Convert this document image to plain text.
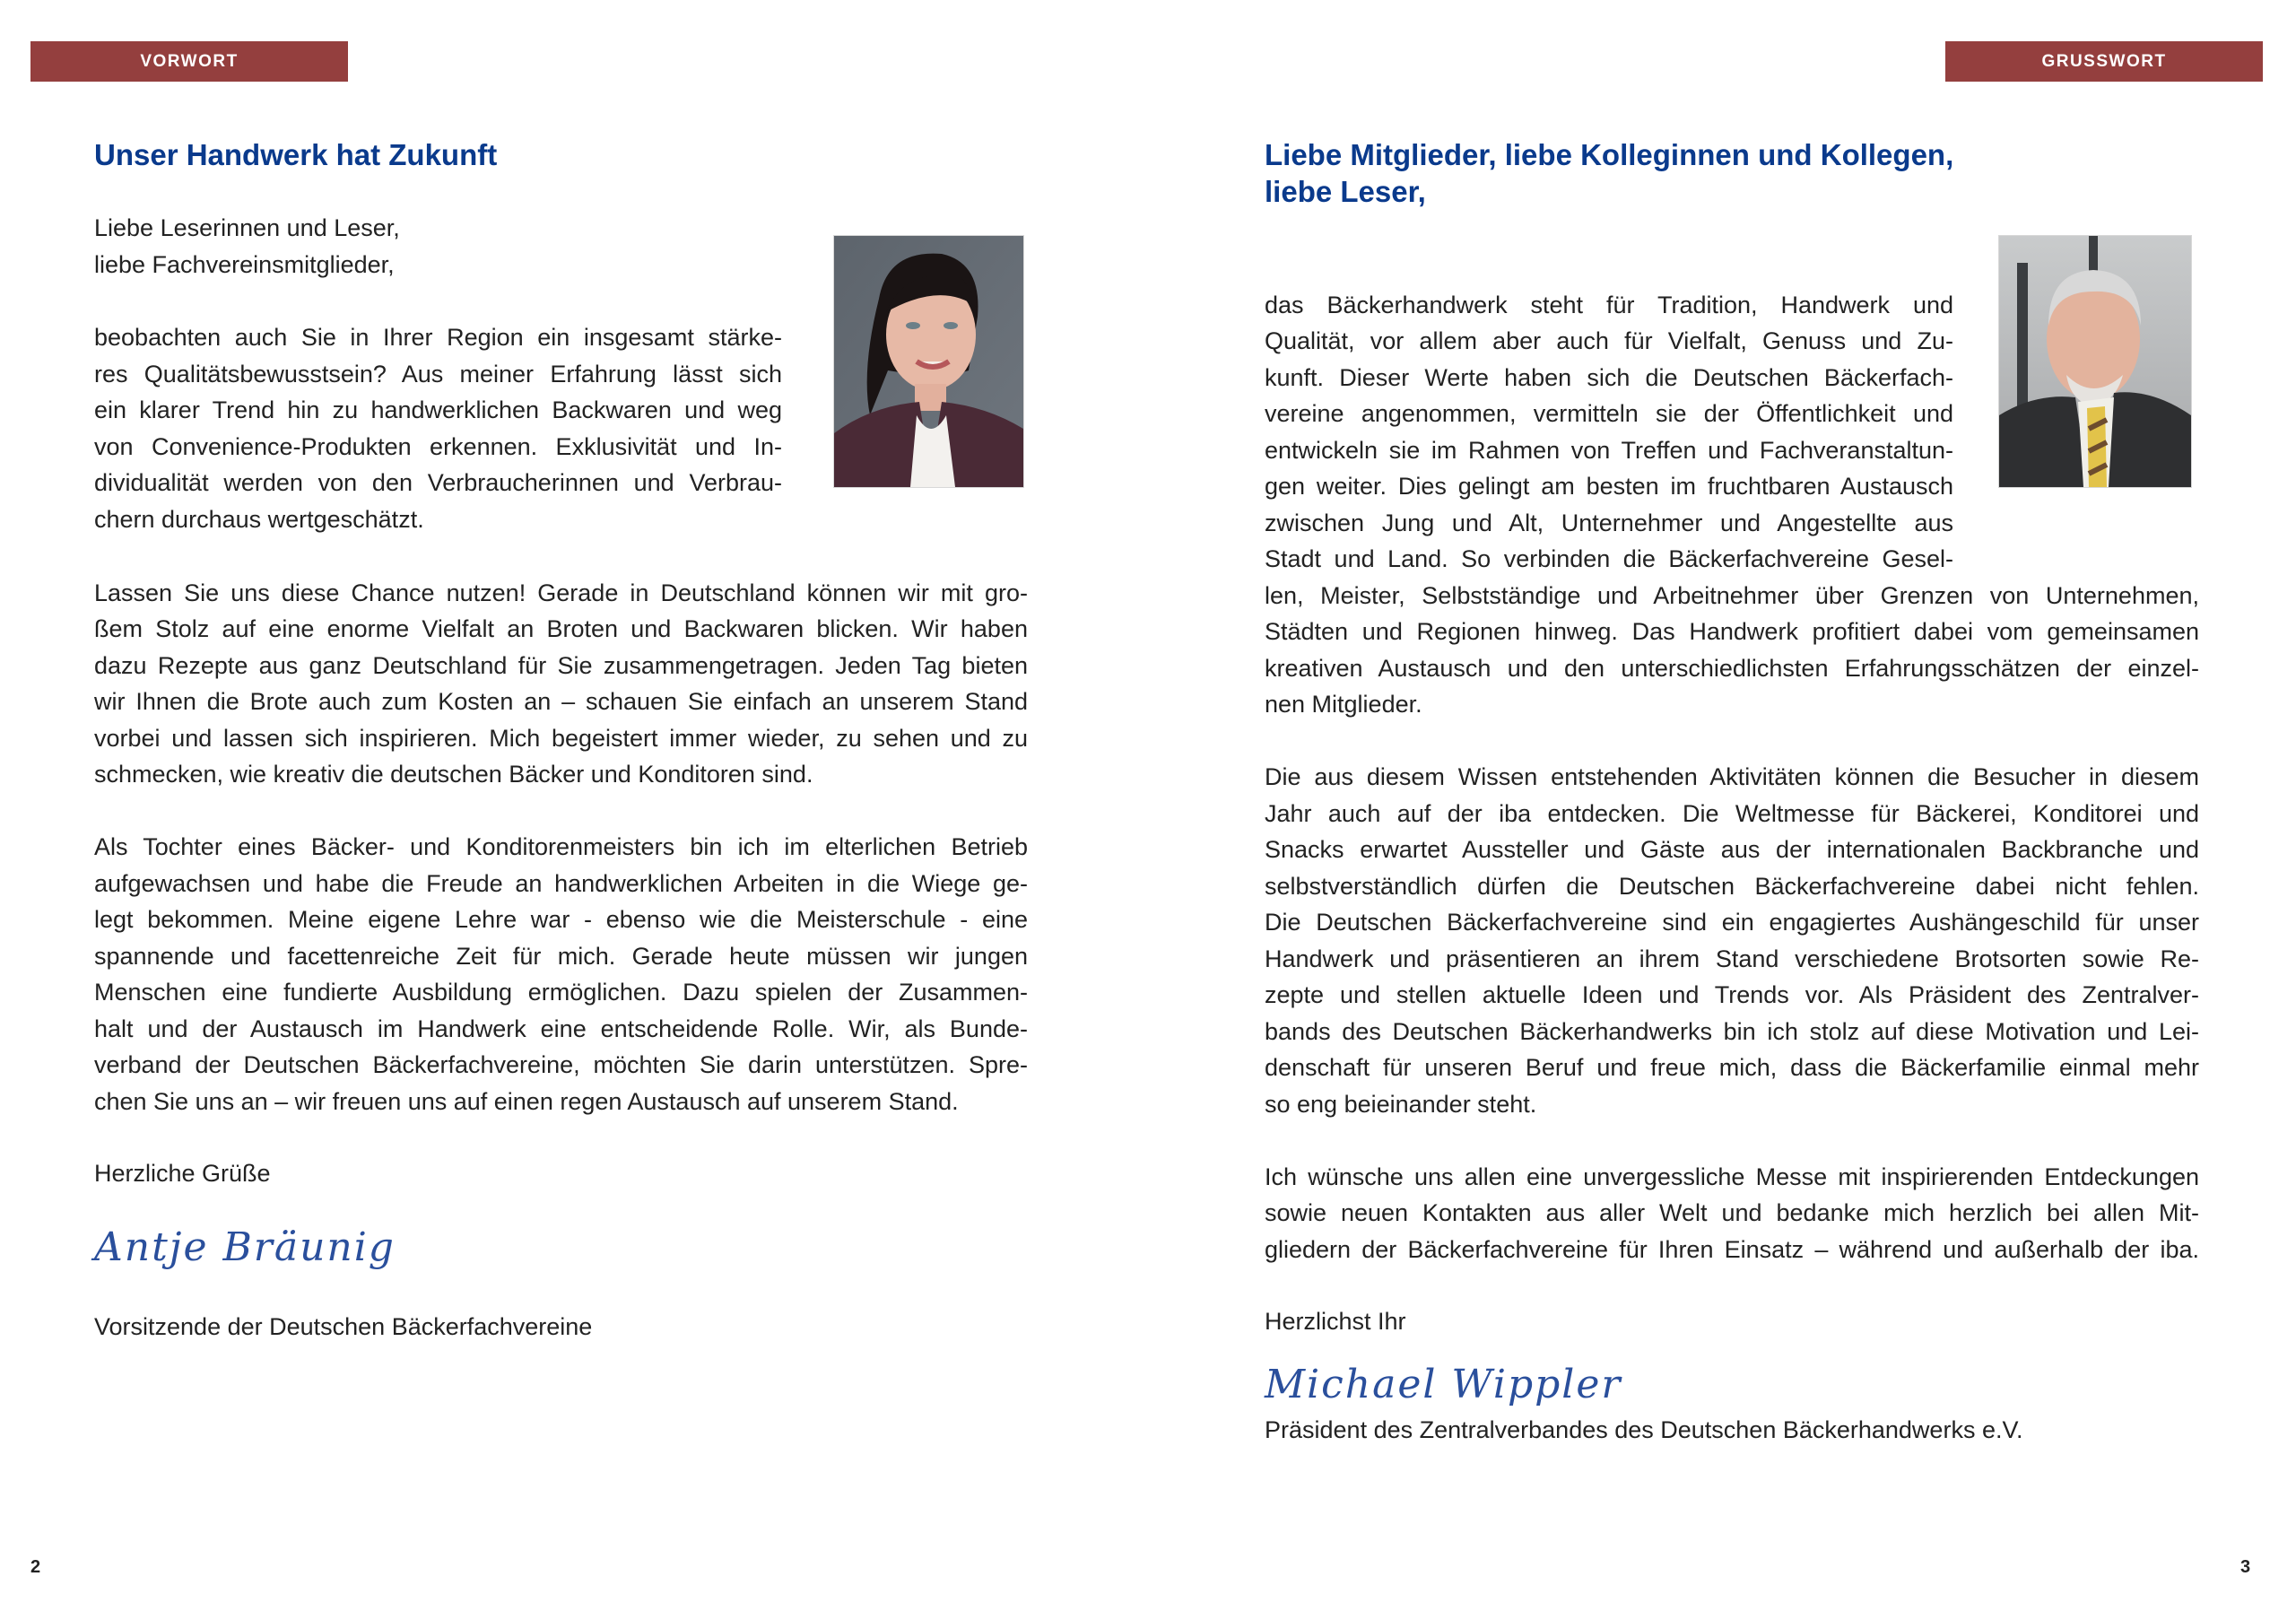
VORWORT
Unser Handwerk hat Zukunft
Liebe Leserinnen und Leser,
liebe Fachvereinsmitglieder,
beobachten auch Sie in Ihrer Region ein insgesamt stärke-
res Qualitätsbewusstsein? Aus meiner Erfahrung lässt sich
ein klarer Trend hin zu handwerklichen Backwaren und weg
von Convenience-Produkten erkennen. Exklusivität und In-
dividualität werden von den Verbraucherinnen und Verbrau-
chern durchaus wertgeschätzt.
Lassen Sie uns diese Chance nutzen! Gerade in Deutschland können wir mit gro-
ßem Stolz auf eine enorme Vielfalt an Broten und Backwaren blicken. Wir haben
dazu Rezepte aus ganz Deutschland für Sie zusammengetragen. Jeden Tag bieten
wir Ihnen die Brote auch zum Kosten an – schauen Sie einfach an unserem Stand
vorbei und lassen sich inspirieren. Mich begeistert immer wieder, zu sehen und zu
schmecken, wie kreativ die deutschen Bäcker und Konditoren sind.
Als Tochter eines Bäcker- und Konditorenmeisters bin ich im elterlichen Betrieb
aufgewachsen und habe die Freude an handwerklichen Arbeiten in die Wiege ge-
legt bekommen. Meine eigene Lehre war - ebenso wie die Meisterschule - eine
spannende und facettenreiche Zeit für mich. Gerade heute müssen wir jungen
Menschen eine fundierte Ausbildung ermöglichen. Dazu spielen der Zusammen-
halt und der Austausch im Handwerk eine entscheidende Rolle. Wir, als Bunde-
verband der Deutschen Bäckerfachvereine, möchten Sie darin unterstützen. Spre-
chen Sie uns an – wir freuen uns auf einen regen Austausch auf unserem Stand.
Herzliche Grüße
Antje Bräunig
Vorsitzende der Deutschen Bäckerfachvereine
2
GRUSSWORT
Liebe Mitglieder, liebe Kolleginnen und Kollegen,
liebe Leser,
das Bäckerhandwerk steht für Tradition, Handwerk und
Qualität, vor allem aber auch für Vielfalt, Genuss und Zu-
kunft. Dieser Werte haben sich die Deutschen Bäckerfach-
vereine angenommen, vermitteln sie der Öffentlichkeit und
entwickeln sie im Rahmen von Treffen und Fachveranstaltun-
gen weiter. Dies gelingt am besten im fruchtbaren Austausch
zwischen Jung und Alt, Unternehmer und Angestellte aus
Stadt und Land. So verbinden die Bäckerfachvereine Gesel-
len, Meister, Selbstständige und Arbeitnehmer über Grenzen von Unternehmen,
Städten und Regionen hinweg. Das Handwerk profitiert dabei vom gemeinsamen
kreativen Austausch und den unterschiedlichsten Erfahrungsschätzen der einzel-
nen Mitglieder.
Die aus diesem Wissen entstehenden Aktivitäten können die Besucher in diesem
Jahr auch auf der iba entdecken. Die Weltmesse für Bäckerei, Konditorei und
Snacks erwartet Aussteller und Gäste aus der internationalen Backbranche und
selbstverständlich dürfen die Deutschen Bäckerfachvereine dabei nicht fehlen.
Die Deutschen Bäckerfachvereine sind ein engagiertes Aushängeschild für unser
Handwerk und präsentieren an ihrem Stand verschiedene Brotsorten sowie Re-
zepte und stellen aktuelle Ideen und Trends vor. Als Präsident des Zentralver-
bands des Deutschen Bäckerhandwerks bin ich stolz auf diese Motivation und Lei-
denschaft für unseren Beruf und freue mich, dass die Bäckerfamilie einmal mehr
so eng beieinander steht.
Ich wünsche uns allen eine unvergessliche Messe mit inspirierenden Entdeckungen
sowie neuen Kontakten aus aller Welt und bedanke mich herzlich bei allen Mit-
gliedern der Bäckerfachvereine für Ihren Einsatz – während und außerhalb der iba.
Herzlichst Ihr
Michael Wippler
Präsident des Zentralverbandes des Deutschen Bäckerhandwerks e.V.
3
